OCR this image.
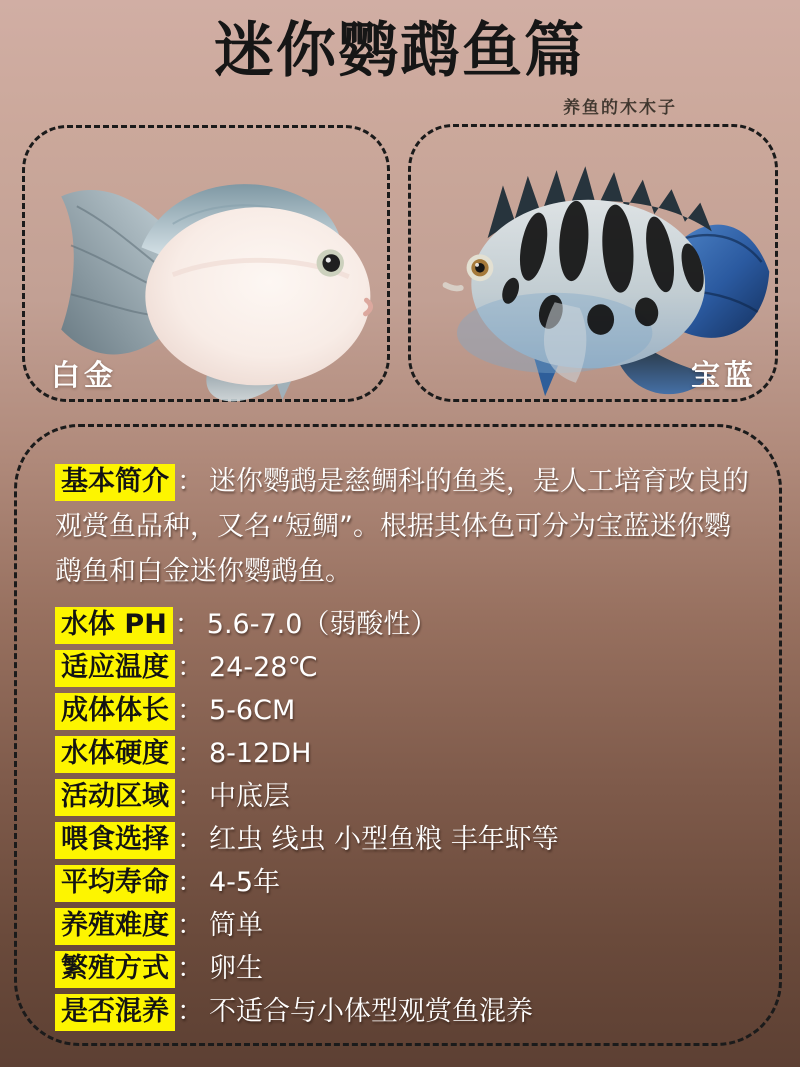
迷你鹦鹉鱼篇
养鱼的木木子
白金	宝蓝

基本简介 ： 迷你鹦鹉是慈鲷科的鱼类，是人工培育改良的观赏鱼品种，又名“短鲷”。根据其体色可分为宝蓝迷你鹦鹉鱼和白金迷你鹦鹉鱼。

水体 PH ： 5.6-7.0（弱酸性）
适应温度 ： 24-28℃
成体体长 ： 5-6CM
水体硬度 ： 8-12DH
活动区域 ： 中底层
喂食选择 ： 红虫 线虫 小型鱼粮 丰年虾等
平均寿命 ： 4-5年
养殖难度 ： 简单
繁殖方式 ： 卵生
是否混养 ： 不适合与小体型观赏鱼混养
